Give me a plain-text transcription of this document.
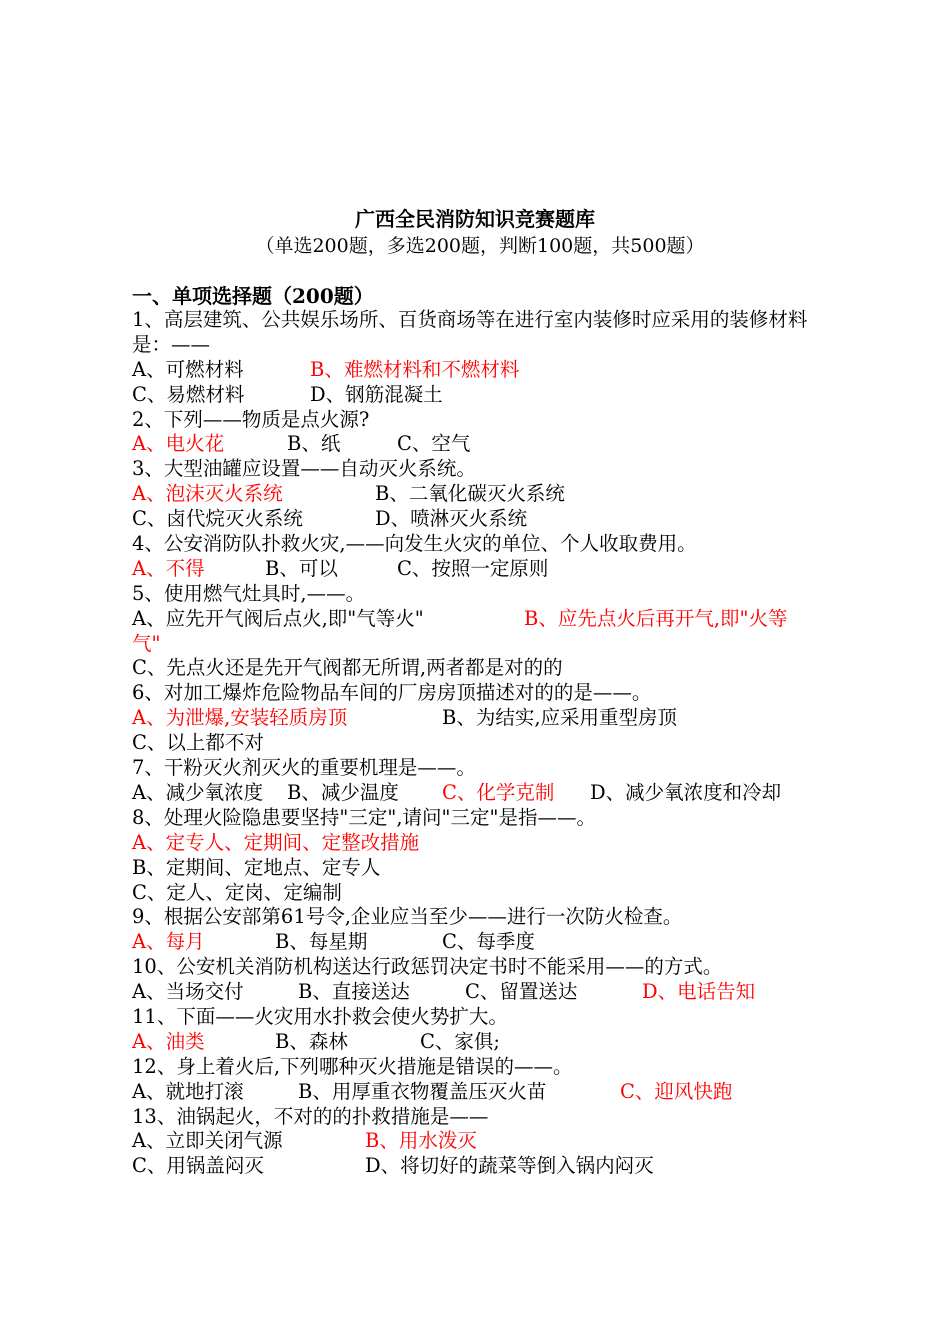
广西全民消防知识竞赛题库
（单选200题，多选200题，判断100题，共500题）
一、单项选择题（200题）
1、高层建筑、公共娱乐场所、百货商场等在进行室内装修时应采用的装修材料是：——
A、可燃材料	B、难燃材料和不燃材料
C、易燃材料	D、钢筋混凝土
2、下列——物质是点火源?
A、电火花	B、纸	C、空气
3、大型油罐应设置——自动灭火系统。
A、泡沫灭火系统	B、二氧化碳灭火系统
C、卤代烷灭火系统	D、喷淋灭火系统
4、公安消防队扑救火灾,——向发生火灾的单位、个人收取费用。
A、不得	B、可以	C、按照一定原则
5、使用燃气灶具时,——。
A、应先开气阀后点火,即"气等火"	B、应先点火后再开气,即"火等
气"
C、先点火还是先开气阀都无所谓,两者都是对的的
6、对加工爆炸危险物品车间的厂房房顶描述对的的是——。
A、为泄爆,安装轻质房顶	B、为结实,应采用重型房顶
C、以上都不对
7、干粉灭火剂灭火的重要机理是——。
A、减少氧浓度 B、减少温度 C、化学克制 D、减少氧浓度和冷却
8、处理火险隐患要坚持"三定",请问"三定"是指——。
A、定专人、定期间、定整改措施
B、定期间、定地点、定专人
C、定人、定岗、定编制
9、根据公安部第61号令,企业应当至少——进行一次防火检查。
A、每月	B、每星期	C、每季度
10、公安机关消防机构送达行政惩罚决定书时不能采用——的方式。
A、当场交付	B、直接送达	C、留置送达	D、电话告知
11、下面——火灾用水扑救会使火势扩大。
A、油类	B、森林	C、家俱;
12、身上着火后,下列哪种灭火措施是错误的——。
A、就地打滚	B、用厚重衣物覆盖压灭火苗	C、迎风快跑
13、油锅起火，不对的的扑救措施是——
A、立即关闭气源	B、用水泼灭
C、用锅盖闷灭	D、将切好的蔬菜等倒入锅内闷灭
